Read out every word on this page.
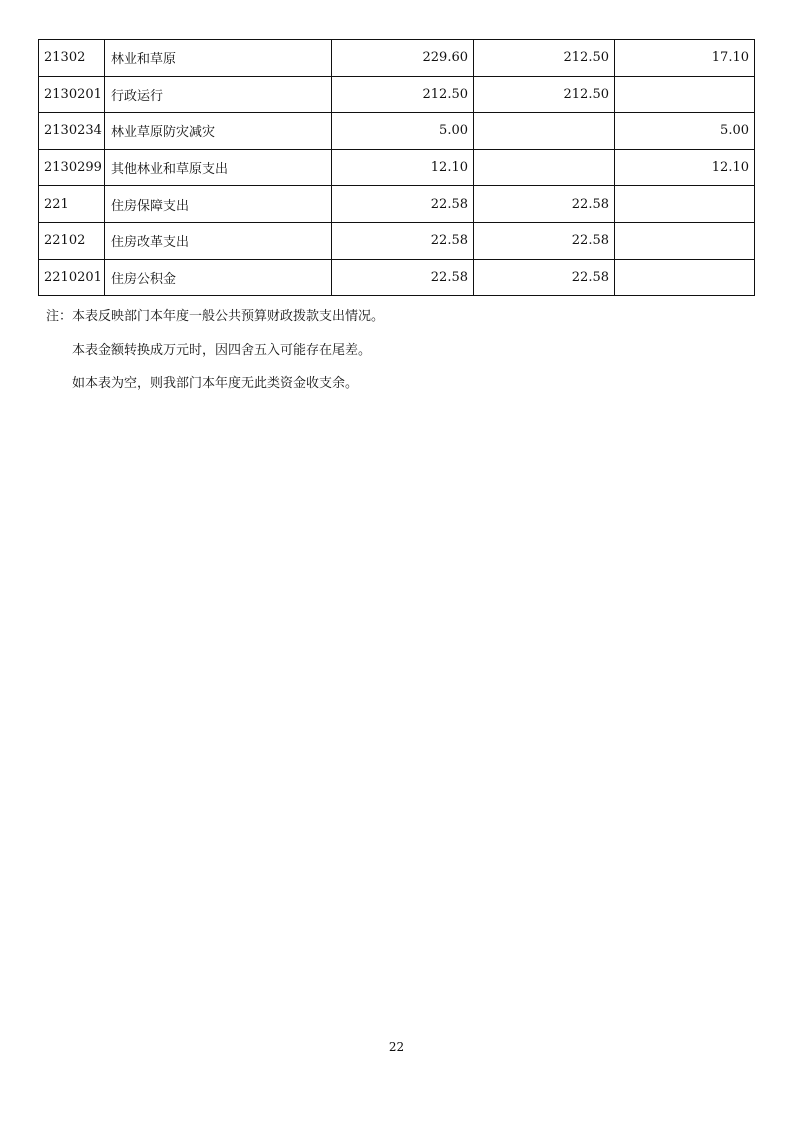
21302	林业和草原	229.60	212.50	17.10
2130201	行政运行	212.50	212.50	
2130234	林业草原防灾减灾	5.00		5.00
2130299	其他林业和草原支出	12.10		12.10
221	住房保障支出	22.58	22.58	
22102	住房改革支出	22.58	22.58	
2210201	住房公积金	22.58	22.58	

注：本表反映部门本年度一般公共预算财政拨款支出情况。

本表金额转换成万元时，因四舍五入可能存在尾差。

如本表为空，则我部门本年度无此类资金收支余。

22
